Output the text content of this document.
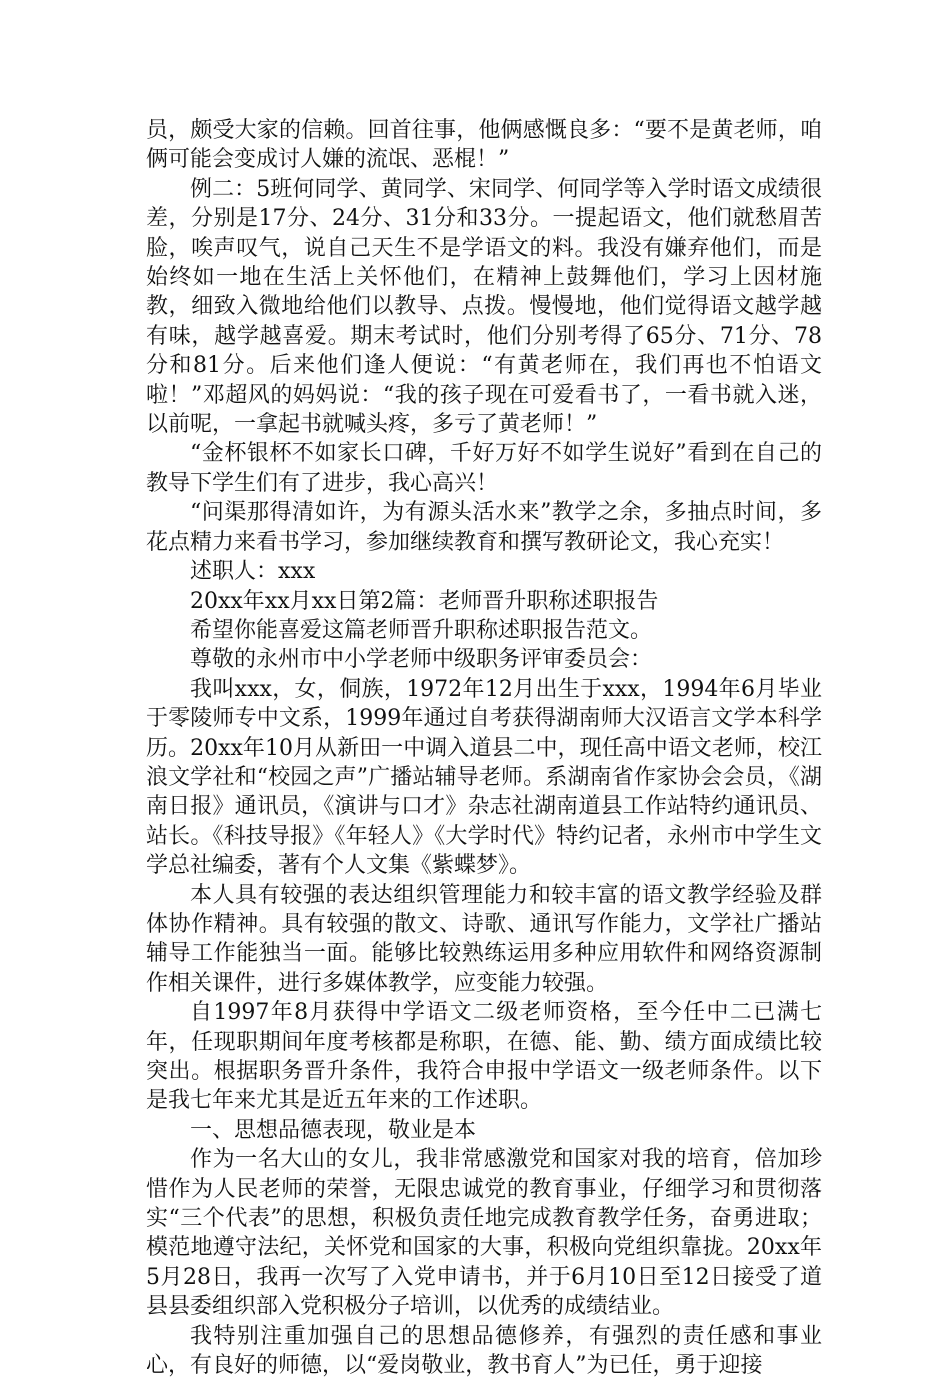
员，颇受大家的信赖。回首往事，他俩感慨良多：“要不是黄老师，咱俩可能会变成讨人嫌的流氓、恶棍！”

例二：5班何同学、黄同学、宋同学、何同学等入学时语文成绩很差，分别是17分、24分、31分和33分。一提起语文，他们就愁眉苦脸，唉声叹气，说自己天生不是学语文的料。我没有嫌弃他们，而是始终如一地在生活上关怀他们，在精神上鼓舞他们，学习上因材施教，细致入微地给他们以教导、点拨。慢慢地，他们觉得语文越学越有味，越学越喜爱。期末考试时，他们分别考得了65分、71分、78分和81分。后来他们逢人便说：“有黄老师在，我们再也不怕语文啦！”邓超风的妈妈说：“我的孩子现在可爱看书了，一看书就入迷，以前呢，一拿起书就喊头疼，多亏了黄老师！”

“金杯银杯不如家长口碑，千好万好不如学生说好”看到在自己的教导下学生们有了进步，我心高兴！

“问渠那得清如许，为有源头活水来”教学之余，多抽点时间，多花点精力来看书学习，参加继续教育和撰写教研论文，我心充实！

述职人：xxx

20xx年xx月xx日第2篇：老师晋升职称述职报告

希望你能喜爱这篇老师晋升职称述职报告范文。

尊敬的永州市中小学老师中级职务评审委员会：

我叫xxx，女，侗族，1972年12月出生于xxx，1994年6月毕业于零陵师专中文系，1999年通过自考获得湖南师大汉语言文学本科学历。20xx年10月从新田一中调入道县二中，现任高中语文老师，校江浪文学社和“校园之声”广播站辅导老师。系湖南省作家协会会员，《湖南日报》通讯员，《演讲与口才》杂志社湖南道县工作站特约通讯员、站长。《科技导报》《年轻人》《大学时代》特约记者，永州市中学生文学总社编委，著有个人文集《紫蝶梦》。

本人具有较强的表达组织管理能力和较丰富的语文教学经验及群体协作精神。具有较强的散文、诗歌、通讯写作能力，文学社广播站辅导工作能独当一面。能够比较熟练运用多种应用软件和网络资源制作相关课件，进行多媒体教学，应变能力较强。

自1997年8月获得中学语文二级老师资格，至今任中二已满七年，任现职期间年度考核都是称职，在德、能、勤、绩方面成绩比较突出。根据职务晋升条件，我符合申报中学语文一级老师条件。以下是我七年来尤其是近五年来的工作述职。

一、思想品德表现，敬业是本

作为一名大山的女儿，我非常感激党和国家对我的培育，倍加珍惜作为人民老师的荣誉，无限忠诚党的教育事业，仔细学习和贯彻落实“三个代表”的思想，积极负责任地完成教育教学任务，奋勇进取；模范地遵守法纪，关怀党和国家的大事，积极向党组织靠拢。20xx年5月28日，我再一次写了入党申请书，并于6月10日至12日接受了道县县委组织部入党积极分子培训，以优秀的成绩结业。

我特别注重加强自己的思想品德修养，有强烈的责任感和事业心，有良好的师德，以“爱岗敬业，教书育人”为已任，勇于迎接
